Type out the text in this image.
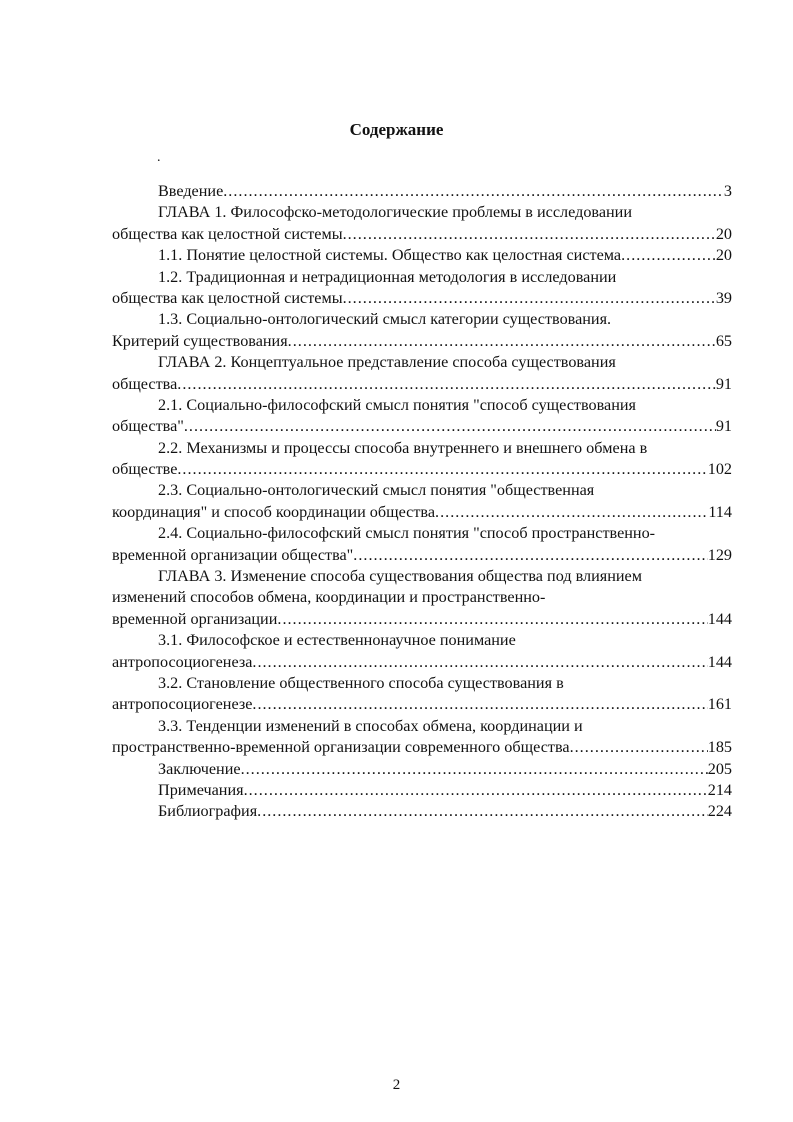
Содержание
.
Введение .....	3
ГЛАВА 1. Философско-методологические проблемы в исследовании
общества как целостной системы .....	20
1.1. Понятие целостной системы. Общество как целостная система .....	20
1.2. Традиционная и нетрадиционная методология в исследовании
общества как целостной системы .....	39
1.3. Социально-онтологический смысл категории существования.
Критерий существования .....	65
ГЛАВА 2. Концептуальное представление способа существования
общества .....	91
2.1. Социально-философский смысл понятия "способ существования
общества" .....	91
2.2. Механизмы и процессы способа внутреннего и внешнего обмена в
обществе .....	102
2.3. Социально-онтологический смысл понятия "общественная
координация" и способ координации общества .....	114
2.4. Социально-философский смысл понятия "способ пространственно-
временной организации общества" .....	129
ГЛАВА 3. Изменение способа существования общества под влиянием
изменений способов обмена, координации и пространственно-
временной организации .....	144
3.1. Философское и естественнонаучное понимание
антропосоциогенеза .....	144
3.2. Становление общественного способа существования в
антропосоциогенезе .....	161
3.3. Тенденции изменений в способах обмена, координации и
пространственно-временной организации современного общества .....	185
Заключение .....	205
Примечания .....	214
Библиография .....	224
2
